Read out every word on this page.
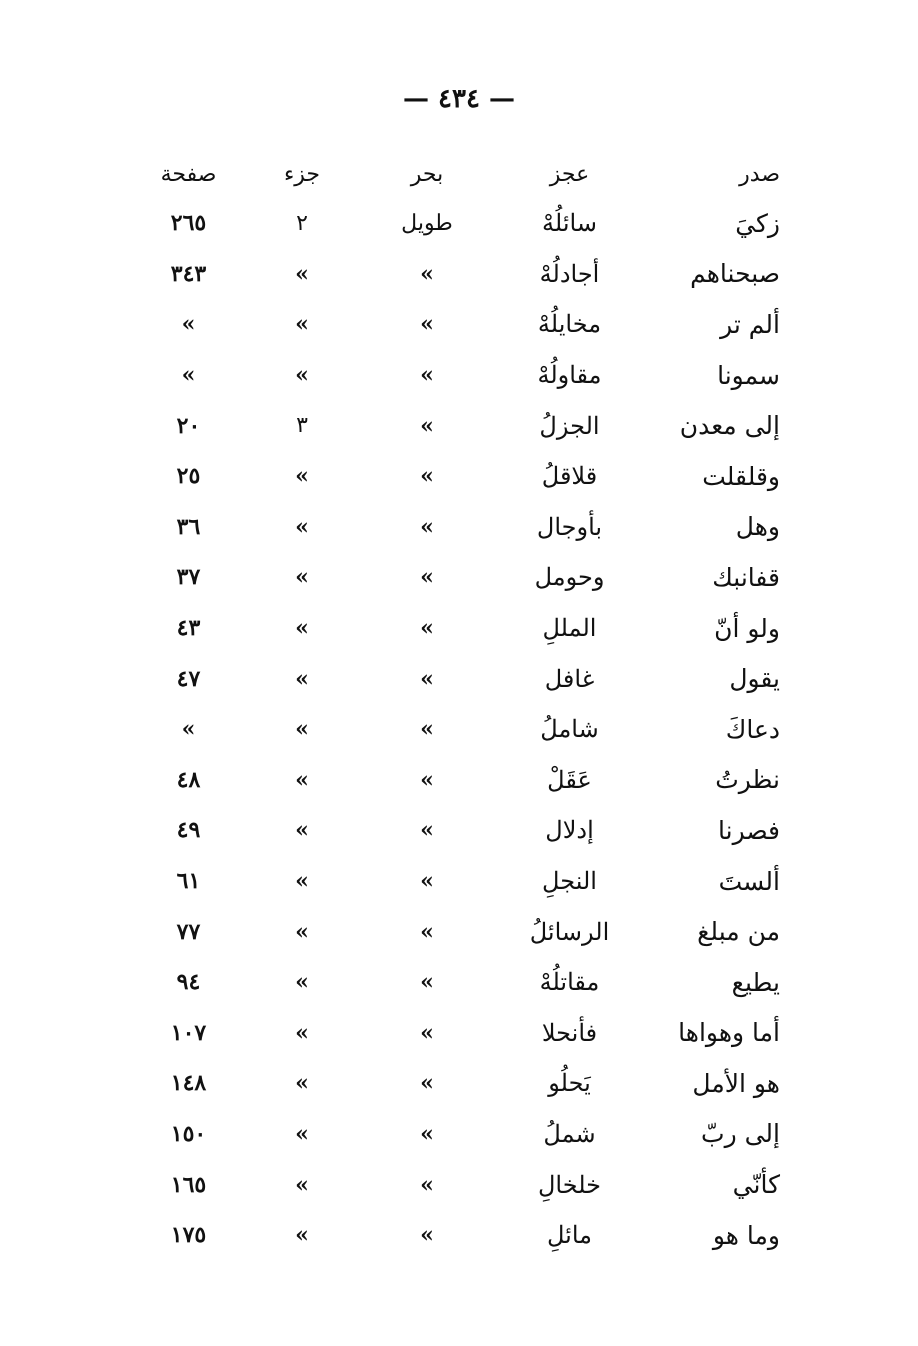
— ٤٣٤ —
صدر	عجز	بحر	جزء	صفحة
زكيَ	سائلُهْ	طويل	٢	٢٦٥
صبحناهم	أجادلُهْ	»	»	٣٤٣
ألم تر	مخايلُهْ	»	»	»
سمونا	مقاولُهْ	»	»	»
إلى معدن	الجزلُ	»	٣	٢٠
وقلقلت	قلاقلُ	»	»	٢٥
وهل	بأوجال	»	»	٣٦
قفانبك	وحومل	»	»	٣٧
ولو أنّ	المللِ	»	»	٤٣
يقول	غافل	»	»	٤٧
دعاكَ	شاملُ	»	»	»
نظرتُ	عَقَلْ	»	»	٤٨
فصرنا	إدلال	»	»	٤٩
ألستَ	النجلِ	»	»	٦١
من مبلغ	الرسائلُ	»	»	٧٧
يطيع	مقاتلُهْ	»	»	٩٤
أما وهواها	فأنحلا	»	»	١٠٧
هو الأمل	يَحلُو	»	»	١٤٨
إلى ربّ	شملُ	»	»	١٥٠
كأنّي	خلخالِ	»	»	١٦٥
وما هو	مائلِ	»	»	١٧٥
